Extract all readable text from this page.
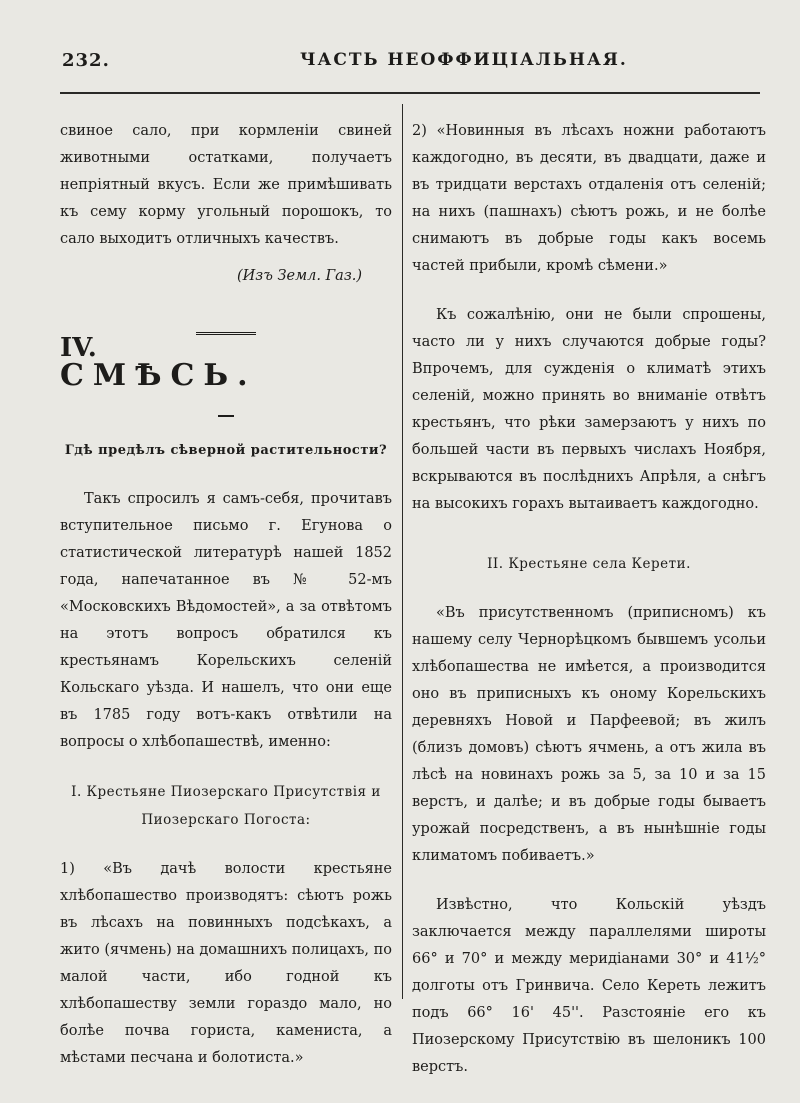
232.	ЧАСТЬ НЕОФФИЦІАЛЬНАЯ.

свиное сало, при кормленіи свиней животными остатками, получаетъ непріятный вкусъ. Если же примѣшивать къ сему корму угольный порошокъ, то сало выходитъ отличныхъ качествъ.

(Изъ Земл. Газ.)

IV.

СМѢСЬ.

Гдѣ предѣлъ сѣверной растительности?

Такъ спросилъ я самъ-себя, прочитавъ вступительное письмо г. Егунова о статистической литературѣ нашей 1852 года, напечатанное въ № 52-мъ «Московскихъ Вѣдомостей», а за отвѣтомъ на этотъ вопросъ обратился къ крестьянамъ Корельскихъ селеній Кольскаго уѣзда. И нашелъ, что они еще въ 1785 году вотъ-какъ отвѣтили на вопросы о хлѣбопашествѣ, именно:

I. Крестьяне Пиозерскаго Присутствія и Пиозерскаго Погоста:

1) «Въ дачѣ волости крестьяне хлѣбопашество производятъ: сѣютъ рожь въ лѣсахъ на повинныхъ подсѣкахъ, а жито (ячмень) на домашнихъ полицахъ, по малой части, ибо годной къ хлѣбопашеству земли гораздо мало, но болѣе почва гориста, камениста, а мѣстами песчана и болотиста.»

2) «Новинныя въ лѣсахъ ножни работаютъ каждогодно, въ десяти, въ двадцати, даже и въ тридцати верстахъ отдаленія отъ селеній; на нихъ (пашнахъ) сѣютъ рожь, и не болѣе снимаютъ въ добрые годы какъ восемь частей прибыли, кромѣ сѣмени.»

Къ сожалѣнію, они не были спрошены, часто ли у нихъ случаются добрые годы? Впрочемъ, для сужденія о климатѣ этихъ селеній, можно принять во вниманіе отвѣтъ крестьянъ, что рѣки замерзаютъ у нихъ по большей части въ первыхъ числахъ Ноября, вскрываются въ послѣднихъ Апрѣля, а снѣгъ на высокихъ горахъ вытаиваетъ каждогодно.

II. Крестьяне села Керети.

«Въ присутственномъ (приписномъ) къ нашему селу Чернорѣцкомъ бывшемъ усольи хлѣбопашества не имѣется, а производится оно въ приписныхъ къ оному Корельскихъ деревняхъ Новой и Парфеевой; въ жилъ (близъ домовъ) сѣютъ ячмень, а отъ жила въ лѣсѣ на новинахъ рожь за 5, за 10 и за 15 верстъ, и далѣе; и въ добрые годы бываетъ урожай посредственъ, а въ нынѣшніе годы климатомъ побиваетъ.»

Извѣстно, что Кольскій уѣздъ заключается между параллелями широты 66° и 70° и между меридіанами 30° и 41½° долготы отъ Гринвича. Село Кереть лежитъ подъ 66° 16' 45''. Разстояніе его къ Пиозерскому Присутствію въ шелоникъ 100 верстъ.
